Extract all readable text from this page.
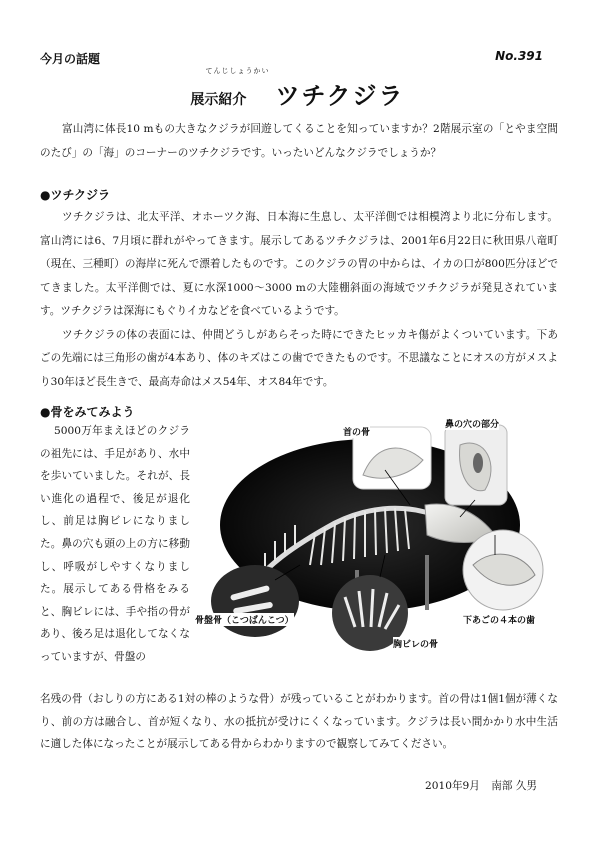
今月の話題	No.391
てんじしょうかい
展示紹介 ツチクジラ
富山湾に体長10 mもの大きなクジラが回遊してくることを知っていますか？2階展示室の「とやま空間のたび」の「海」のコーナーのツチクジラです。いったいどんなクジラでしょうか？
●ツチクジラ

ツチクジラは、北太平洋、オホーツク海、日本海に生息し、太平洋側では相模湾より北に分布します。富山湾には6、7月頃に群れがやってきます。展示してあるツチクジラは、2001年6月22日に秋田県八竜町（現在、三種町）の海岸に死んで漂着したものです。このクジラの胃の中からは、イカの口が800匹分ほどでてきました。太平洋側では、夏に水深1000～3000 mの大陸棚斜面の海域でツチクジラが発見されています。ツチクジラは深海にもぐりイカなどを食べているようです。

ツチクジラの体の表面には、仲間どうしがあらそった時にできたヒッカキ傷がよくついています。下あごの先端には三角形の歯が4本あり、体のキズはこの歯でできたものです。不思議なことにオスの方がメスより30年ほど長生きで、最高寿命はメス54年、オス84年です。

●骨をみてみよう

5000万年まえほどのクジラの祖先には、手足があり、水中を歩いていました。それが、長い進化の過程で、後足が退化し、前足は胸ビレになりました。鼻の穴も頭の上の方に移動し、呼吸がしやすくなりました。展示してある骨格をみると、胸ビレには、手や指の骨があり、後ろ足は退化してなくなっていますが、骨盤の

名残の骨（おしりの方にある1対の棒のような骨）が残っていることがわかります。首の骨は1個1個が薄くなり、前の方は融合し、首が短くなり、水の抵抗が受けにくくなっています。クジラは長い間かかり水中生活に適した体になったことが展示してある骨からわかりますので観察してみてください。

首の骨
鼻の穴の部分
骨盤骨（こつばんこつ）
胸ビレの骨
下あごの４本の歯
2010年9月 南部 久男
